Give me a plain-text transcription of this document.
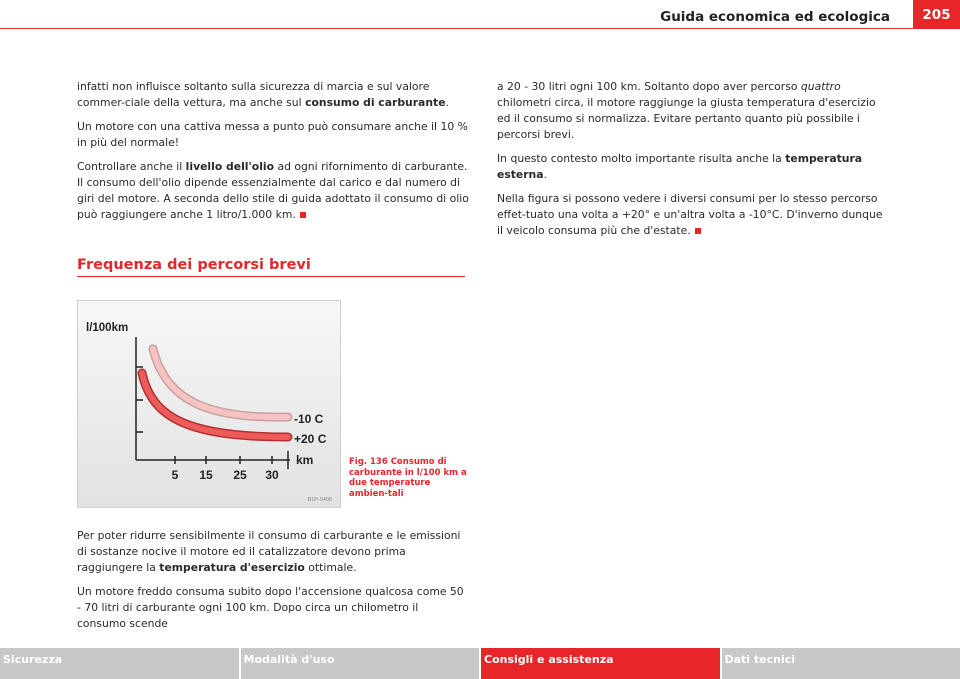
Guida economica ed ecologica	205

infatti non influisce soltanto sulla sicurezza di marcia e sul valore commer-ciale della vettura, ma anche sul consumo di carburante.

Un motore con una cattiva messa a punto può consumare anche il 10 % in più del normale!

Controllare anche il livello dell'olio ad ogni rifornimento di carburante. Il consumo dell'olio dipende essenzialmente dal carico e dal numero di giri del motore. A seconda dello stile di guida adottato il consumo di olio può raggiungere anche 1 litro/1.000 km.

Frequenza dei percorsi brevi
l/100km
-10 C
+20 C
km
5 15 25 30
B1P-0496
Fig. 136 Consumo di carburante in l/100 km a due temperature ambien-tali

Per poter ridurre sensibilmente il consumo di carburante e le emissioni di sostanze nocive il motore ed il catalizzatore devono prima raggiungere la temperatura d'esercizio ottimale.

Un motore freddo consuma subito dopo l'accensione qualcosa come 50 - 70 litri di carburante ogni 100 km. Dopo circa un chilometro il consumo scende

a 20 - 30 litri ogni 100 km. Soltanto dopo aver percorso quattro chilometri circa, il motore raggiunge la giusta temperatura d'esercizio ed il consumo si normalizza. Evitare pertanto quanto più possibile i percorsi brevi.

In questo contesto molto importante risulta anche la temperatura esterna.

Nella figura si possono vedere i diversi consumi per lo stesso percorso effet-tuato una volta a +20° e un'altra volta a -10°C. D'inverno dunque il veicolo consuma più che d'estate.

Sicurezza	Modalità d'uso	Consigli e assistenza	Dati tecnici
